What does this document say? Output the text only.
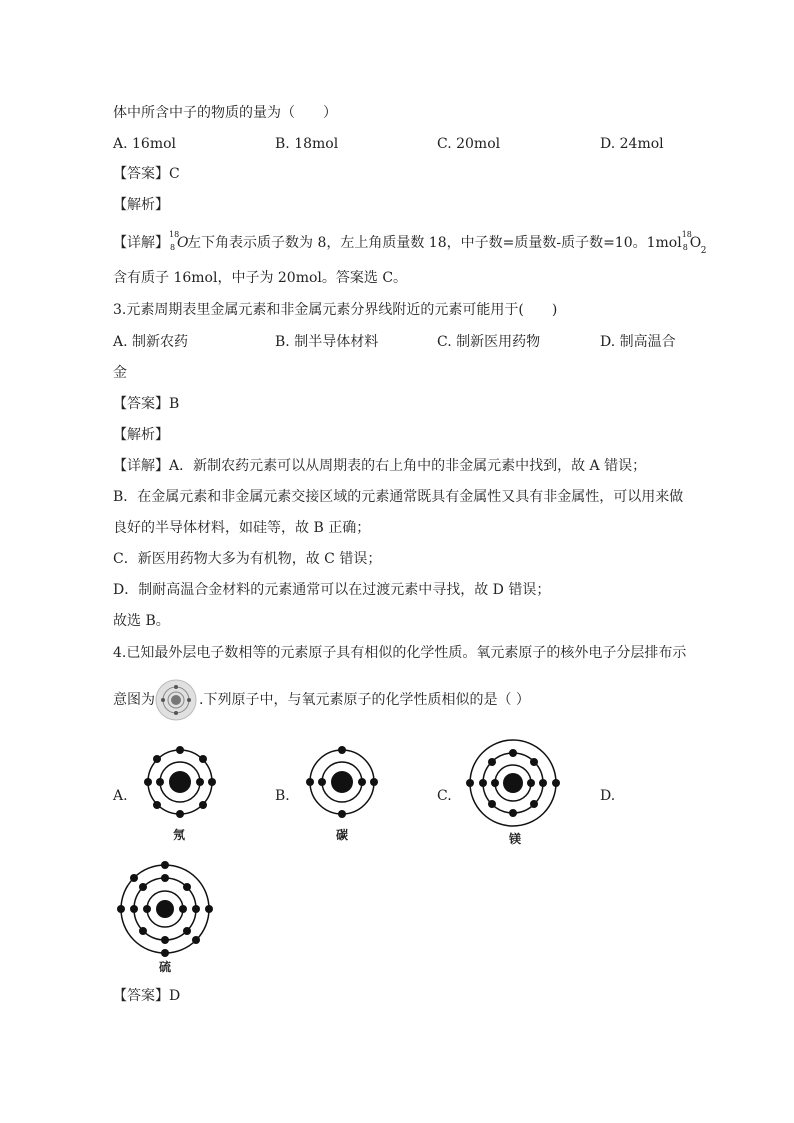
体中所含中子的物质的量为（　　）
A. 16mol	B. 18mol	C. 20mol	D. 24mol
【答案】C
【解析】
【详解】
18
8 O
左下角表示质子数为 8，左上角质量数 18，中子数=质量数-质子数=10。1mol
18
8 O 2
含有质子 16mol，中子为 20mol。答案选 C。
3.元素周期表里金属元素和非金属元素分界线附近的元素可能用于(　　)
A. 制新农药	B. 制半导体材料	C. 制新医用药物	D. 制高温合
金
【答案】B
【解析】
【详解】A．新制农药元素可以从周期表的右上角中的非金属元素中找到，故 A 错误；
B．在金属元素和非金属元素交接区域的元素通常既具有金属性又具有非金属性，可以用来做
良好的半导体材料，如硅等，故 B 正确；
C．新医用药物大多为有机物，故 C 错误；
D．制耐高温合金材料的元素通常可以在过渡元素中寻找，故 D 错误；
故选 B。
4.已知最外层电子数相等的元素原子具有相似的化学性质。氧元素原子的核外电子分层排布示
意图为	.下列原子中，与氧元素原子的化学性质相似的是（ ）
A.
氖
B.
碳
C.
镁
D.
硫
【答案】D
